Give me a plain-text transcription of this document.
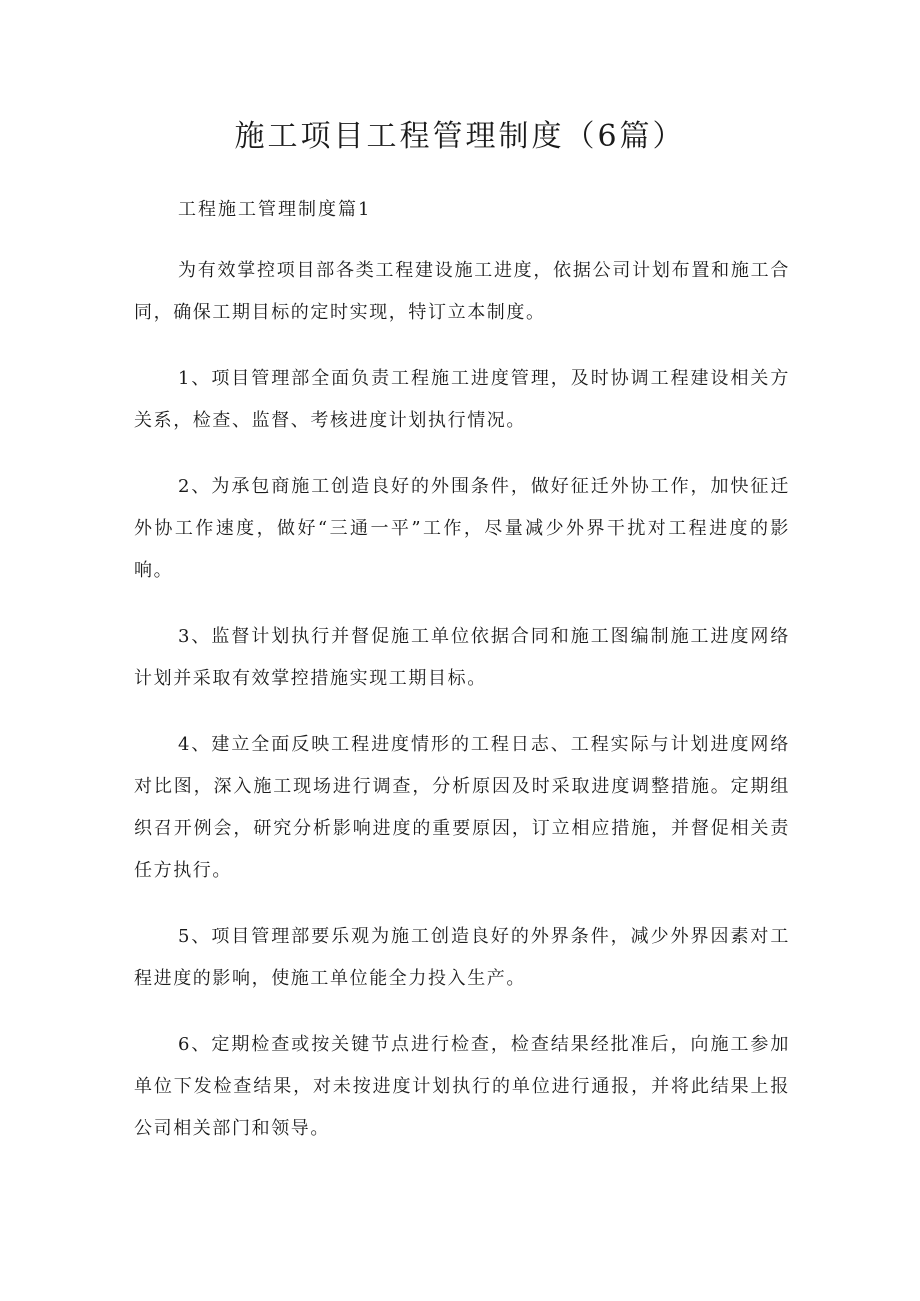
施工项目工程管理制度（6篇）
工程施工管理制度篇1

为有效掌控项目部各类工程建设施工进度，依据公司计划布置和施工合同，确保工期目标的定时实现，特订立本制度。

1、项目管理部全面负责工程施工进度管理，及时协调工程建设相关方关系，检查、监督、考核进度计划执行情况。

2、为承包商施工创造良好的外围条件，做好征迁外协工作，加快征迁外协工作速度，做好“三通一平”工作，尽量减少外界干扰对工程进度的影响。

3、监督计划执行并督促施工单位依据合同和施工图编制施工进度网络计划并采取有效掌控措施实现工期目标。

4、建立全面反映工程进度情形的工程日志、工程实际与计划进度网络对比图，深入施工现场进行调查，分析原因及时采取进度调整措施。定期组织召开例会，研究分析影响进度的重要原因，订立相应措施，并督促相关责任方执行。

5、项目管理部要乐观为施工创造良好的外界条件，减少外界因素对工程进度的影响，使施工单位能全力投入生产。

6、定期检查或按关键节点进行检查，检查结果经批准后，向施工参加单位下发检查结果，对未按进度计划执行的单位进行通报，并将此结果上报公司相关部门和领导。
